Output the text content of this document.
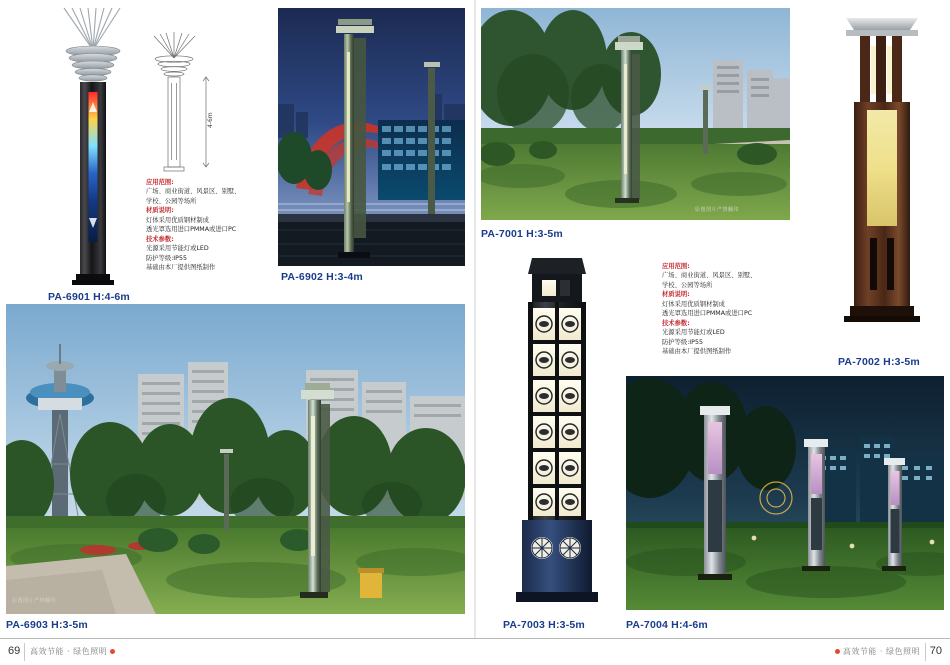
PA-6901 H:4-6m
4-6m
应用范围:
广场、商业街道、风景区、别墅、
学校、公园等场所
材质说明:
灯体采用优质钢材制成
透光罩选用进口PMMA或进口PC
技术参数:
光源采用节能灯或LED
防护等级:IP55
基础由本厂提供图纸制作
PA-6902 H:3-4m
原图图片严禁翻印
PA-7001 H:3-5m
PA-7002 H:3-5m
应用范围:
广场、商业街道、风景区、别墅、
学校、公园等场所
材质说明:
灯体采用优质钢材制成
透光罩选用进口PMMA或进口PC
技术参数:
光源采用节能灯或LED
防护等级:IP55
基础由本厂提供图纸制作
原图图片严禁翻印
PA-6903 H:3-5m	PA-7003 H:3-5m	PA-7004 H:4-6m
69 高效节能 · 绿色照明	70
高效节能 · 绿色照明
